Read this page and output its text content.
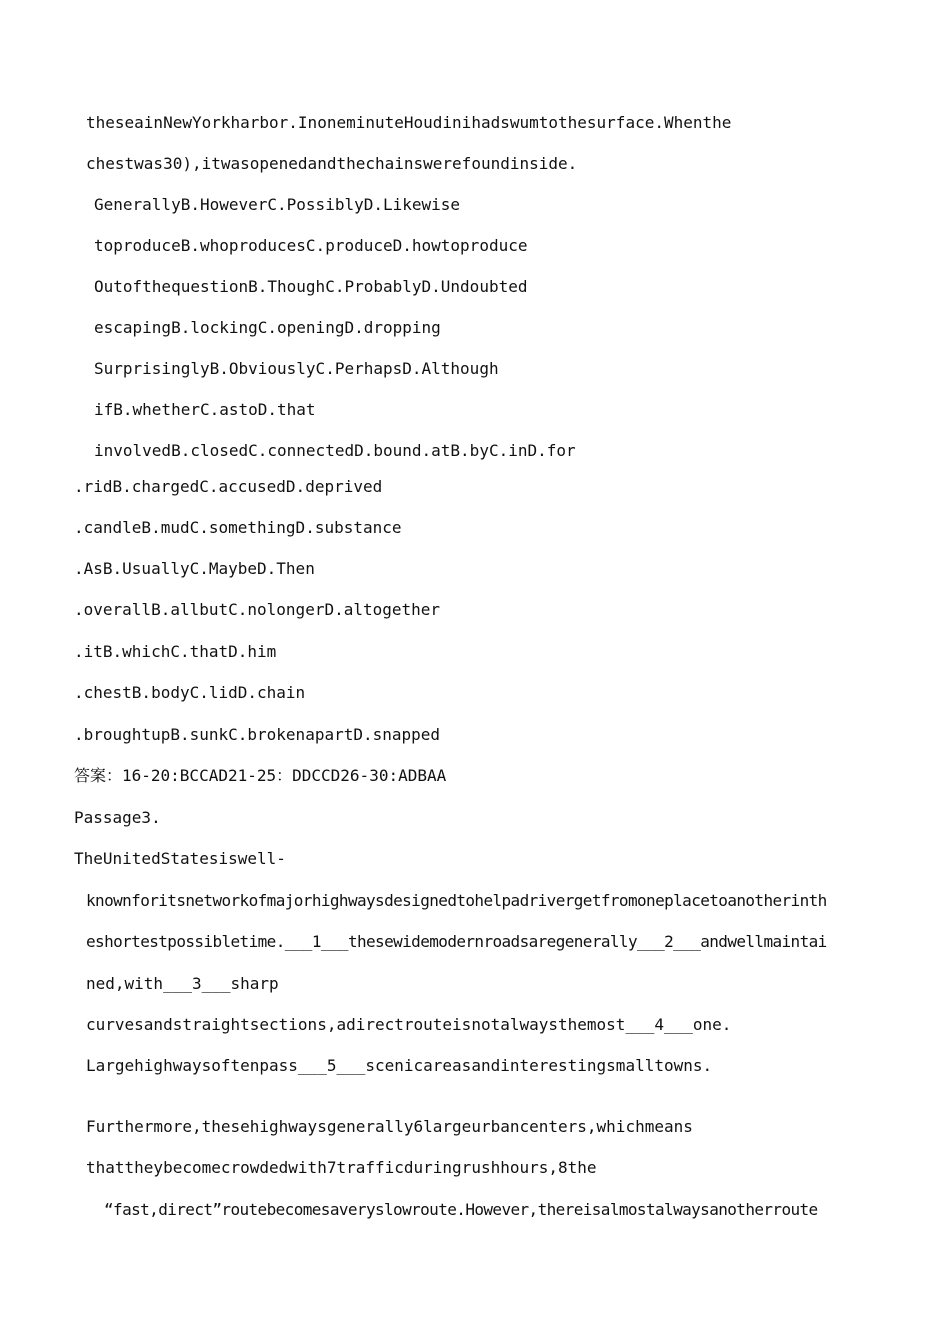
theseainNewYorkharbor.InoneminuteHoudinihadswumtothesurface.Whenthe
chestwas30),itwasopenedandthechainswerefoundinside.
GenerallyB.HoweverC.PossiblyD.Likewise
toproduceB.whoproducesC.produceD.howtoproduce
OutofthequestionB.ThoughC.ProbablyD.Undoubted
escapingB.lockingC.openingD.dropping
SurprisinglyB.ObviouslyC.PerhapsD.Although
ifB.whetherC.astoD.that
involvedB.closedC.connectedD.bound.atB.byC.inD.for
.ridB.chargedC.accusedD.deprived
.candleB.mudC.somethingD.substance
.AsB.UsuallyC.MaybeD.Then
.overallB.allbutC.nolongerD.altogether
.itB.whichC.thatD.him
.chestB.bodyC.lidD.chain
.broughtupB.sunkC.brokenapartD.snapped
答案：16-20:BCCAD21-25：DDCCD26-30:ADBAA
Passage3.
TheUnitedStatesiswell-
knownforitsnetworkofmajorhighwaysdesignedtohelpadrivergetfromoneplacetoanotherinth
eshortestpossibletime.___1___thesewidemodernroadsaregenerally___2___andwellmaintai
ned,with___3___sharp
curvesandstraightsections,adirectrouteisnotalwaysthemost___4___one.
Largehighwaysoftenpass___5___scenicareasandinterestingsmalltowns.
Furthermore,thesehighwaysgenerally6largeurbancenters,whichmeans
thattheybecomecrowdedwith7trafficduringrushhours,8the
“fast,direct”routebecomesaveryslowroute.However,thereisalmostalwaysanotherroute
